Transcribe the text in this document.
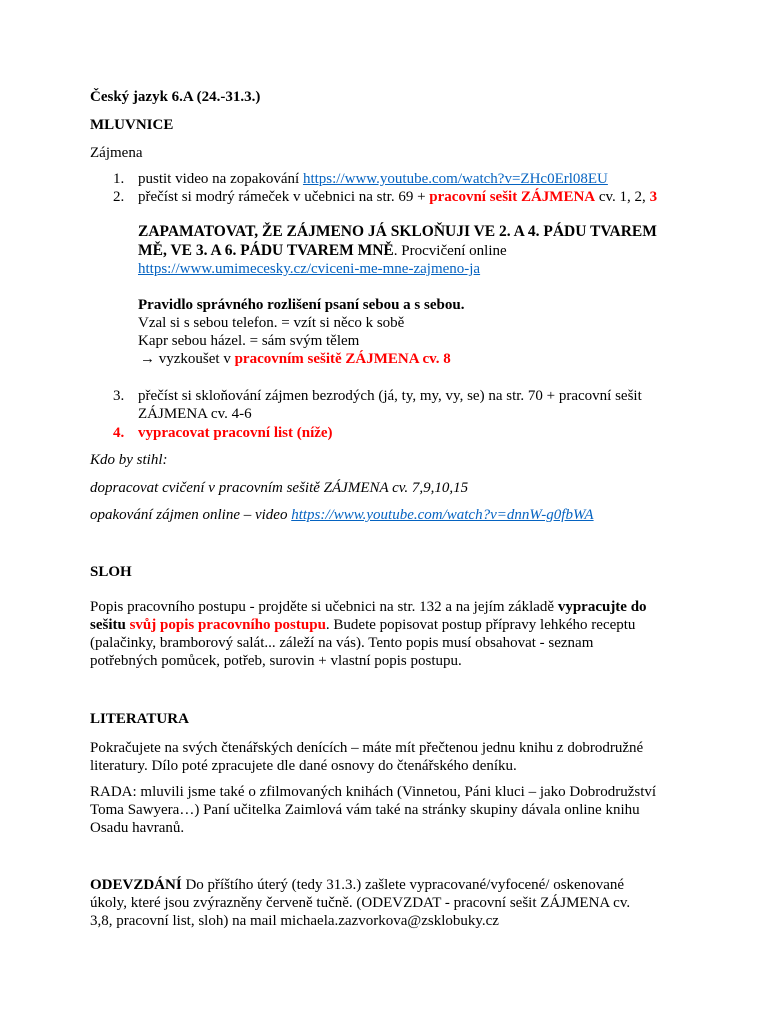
Český jazyk 6.A (24.-31.3.)
MLUVNICE
Zájmena
1. pustit video na zopakování https://www.youtube.com/watch?v=ZHc0Erl08EU
2. přečíst si modrý rámeček v učebnici na str. 69 + pracovní sešit ZÁJMENA cv. 1, 2, 3
ZAPAMATOVAT, ŽE ZÁJMENO JÁ SKLOŇUJI VE 2. A 4. PÁDU TVAREM
MĚ, VE 3. A 6. PÁDU TVAREM MNĚ. Procvičení online
https://www.umimecesky.cz/cviceni-me-mne-zajmeno-ja
Pravidlo správného rozlišení psaní sebou a s sebou.
Vzal si s sebou telefon. = vzít si něco k sobě
Kapr sebou házel. = sám svým tělem
→ vyzkoušet v pracovním sešitě ZÁJMENA cv. 8
3. přečíst si skloňování zájmen bezrodých (já, ty, my, vy, se) na str. 70 + pracovní sešit
ZÁJMENA cv. 4-6
4. vypracovat pracovní list (níže)
Kdo by stihl:
dopracovat cvičení v pracovním sešitě ZÁJMENA cv. 7,9,10,15
opakování zájmen online – video https://www.youtube.com/watch?v=dnnW-g0fbWA
SLOH
Popis pracovního postupu - projděte si učebnici na str. 132 a na jejím základě vypracujte do
sešitu svůj popis pracovního postupu. Budete popisovat postup přípravy lehkého receptu
(palačinky, bramborový salát... záleží na vás). Tento popis musí obsahovat - seznam
potřebných pomůcek, potřeb, surovin + vlastní popis postupu.
LITERATURA
Pokračujete na svých čtenářských denících – máte mít přečtenou jednu knihu z dobrodružné
literatury. Dílo poté zpracujete dle dané osnovy do čtenářského deníku.
RADA: mluvili jsme také o zfilmovaných knihách (Vinnetou, Páni kluci – jako Dobrodružství
Toma Sawyera…) Paní učitelka Zaimlová vám také na stránky skupiny dávala online knihu
Osadu havranů.
ODEVZDÁNÍ Do příštího úterý (tedy 31.3.) zašlete vypracované/vyfocené/ oskenované
úkoly, které jsou zvýrazněny červeně tučně. (ODEVZDAT - pracovní sešit ZÁJMENA cv.
3,8, pracovní list, sloh) na mail michaela.zazvorkova@zsklobuky.cz
